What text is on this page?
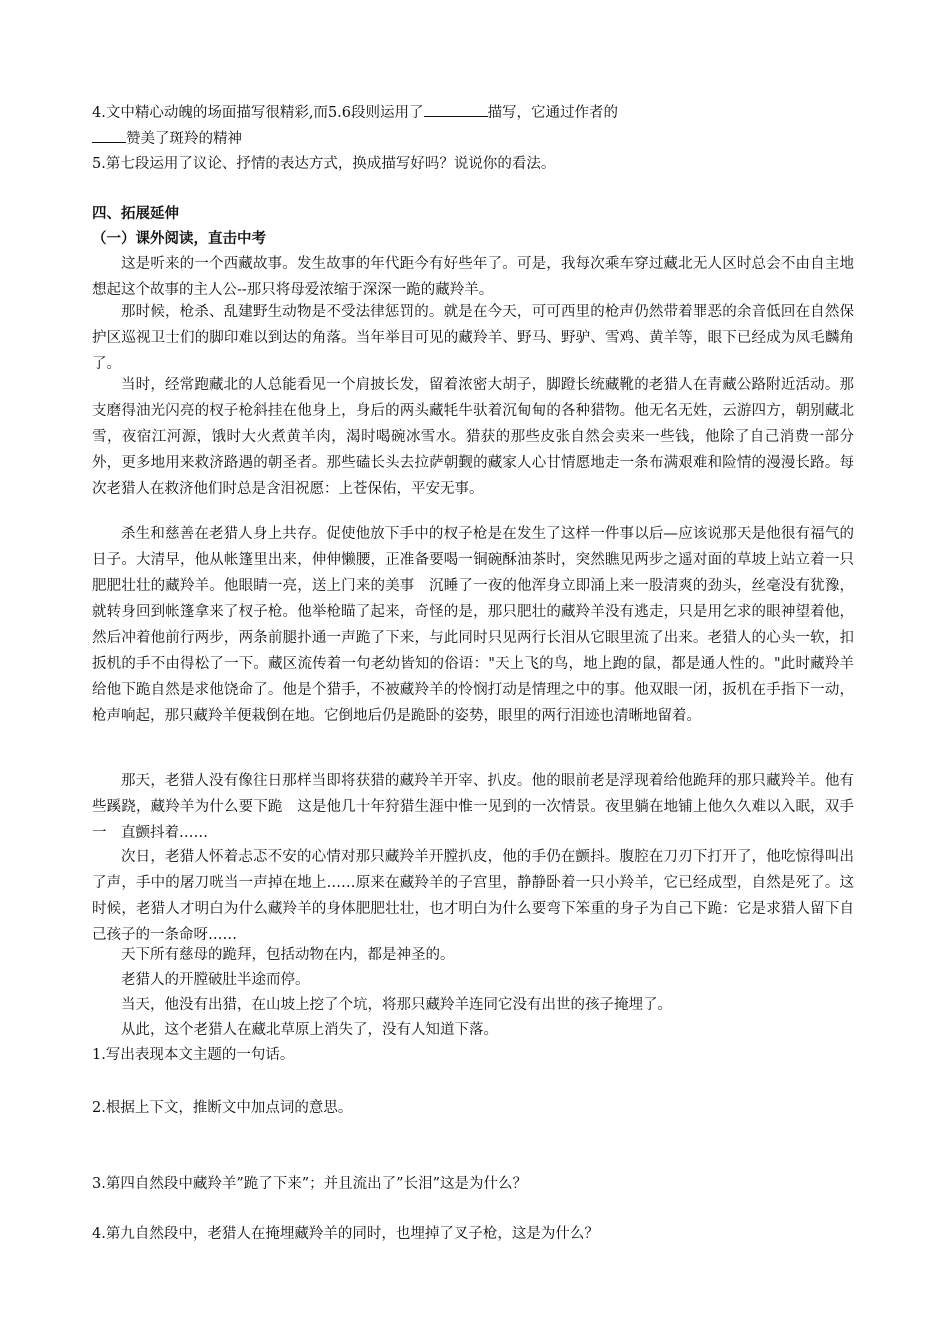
4.文中精心动魄的场面描写很精彩,而5.6段则运用了	描写，它通过作者的
赞美了斑羚的精神
5.第七段运用了议论、抒情的表达方式，换成描写好吗？说说你的看法。
四、拓展延伸
（一）课外阅读，直击中考
这是听来的一个西藏故事。发生故事的年代距今有好些年了。可是，我每次乘车穿过藏北无人区时总会不由自主地想起这个故事的主人公--那只将母爱浓缩于深深一跪的藏羚羊。
那时候，枪杀、乱建野生动物是不受法律惩罚的。就是在今天，可可西里的枪声仍然带着罪恶的余音低回在自然保护区巡视卫士们的脚印难以到达的角落。当年举目可见的藏羚羊、野马、野驴、雪鸡、黄羊等，眼下已经成为凤毛麟角了。
当时，经常跑藏北的人总能看见一个肩披长发，留着浓密大胡子，脚蹬长统藏靴的老猎人在青藏公路附近活动。那支磨得油光闪亮的杈子枪斜挂在他身上，身后的两头藏牦牛驮着沉甸甸的各种猎物。他无名无姓，云游四方，朝别藏北雪，夜宿江河源，饿时大火煮黄羊肉，渴时喝碗冰雪水。猎获的那些皮张自然会卖来一些钱，他除了自己消费一部分外，更多地用来救济路遇的朝圣者。那些磕长头去拉萨朝觐的藏家人心甘情愿地走一条布满艰难和险情的漫漫长路。每次老猎人在救济他们时总是含泪祝愿：上苍保佑，平安无事。
杀生和慈善在老猎人身上共存。促使他放下手中的杈子枪是在发生了这样一件事以后—应该说那天是他很有福气的日子。大清早，他从帐篷里出来，伸伸懒腰，正准备要喝一铜碗酥油茶时，突然瞧见两步之遥对面的草坡上站立着一只肥肥壮壮的藏羚羊。他眼睛一亮，送上门来的美事　沉睡了一夜的他浑身立即涌上来一股清爽的劲头，丝毫没有犹豫，就转身回到帐篷拿来了杈子枪。他举枪瞄了起来，奇怪的是，那只肥壮的藏羚羊没有逃走，只是用乞求的眼神望着他，然后冲着他前行两步，两条前腿扑通一声跪了下来，与此同时只见两行长泪从它眼里流了出来。老猎人的心头一软，扣扳机的手不由得松了一下。藏区流传着一句老幼皆知的俗语："天上飞的鸟，地上跑的鼠，都是通人性的。"此时藏羚羊给他下跪自然是求他饶命了。他是个猎手，不被藏羚羊的怜悯打动是情理之中的事。他双眼一闭，扳机在手指下一动，枪声响起，那只藏羚羊便栽倒在地。它倒地后仍是跪卧的姿势，眼里的两行泪迹也清晰地留着。
那天，老猎人没有像往日那样当即将获猎的藏羚羊开宰、扒皮。他的眼前老是浮现着给他跪拜的那只藏羚羊。他有些蹊跷，藏羚羊为什么要下跪　这是他几十年狩猎生涯中惟一见到的一次情景。夜里躺在地铺上他久久难以入眠，双手一　直颤抖着……
次日，老猎人怀着忐忑不安的心情对那只藏羚羊开膛扒皮，他的手仍在颤抖。腹腔在刀刃下打开了，他吃惊得叫出了声，手中的屠刀咣当一声掉在地上……原来在藏羚羊的子宫里，静静卧着一只小羚羊，它已经成型，自然是死了。这时候，老猎人才明白为什么藏羚羊的身体肥肥壮壮，也才明白为什么要弯下笨重的身子为自己下跪：它是求猎人留下自己孩子的一条命呀……
天下所有慈母的跪拜，包括动物在内，都是神圣的。
老猎人的开膛破肚半途而停。
当天，他没有出猎，在山坡上挖了个坑，将那只藏羚羊连同它没有出世的孩子掩埋了。
从此，这个老猎人在藏北草原上消失了，没有人知道下落。
1.写出表现本文主题的一句话。
2.根据上下文，推断文中加点词的意思。
3.第四自然段中藏羚羊”跪了下来”；并且流出了”长泪”这是为什么？
4.第九自然段中，老猎人在掩埋藏羚羊的同时，也埋掉了叉子枪，这是为什么？
